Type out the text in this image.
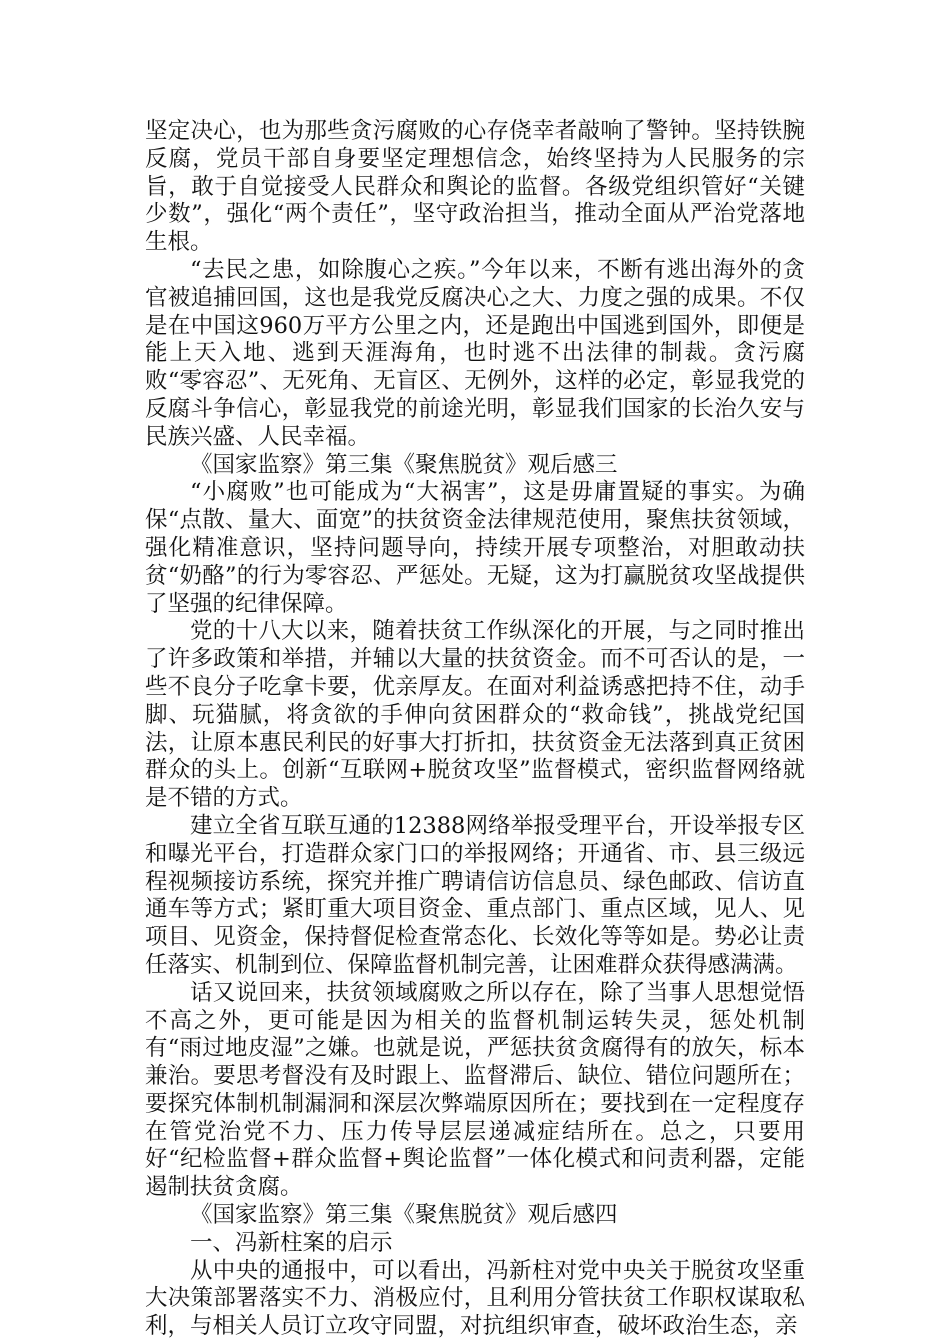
坚定决心，也为那些贪污腐败的心存侥幸者敲响了警钟。坚持铁腕反腐，党员干部自身要坚定理想信念，始终坚持为人民服务的宗旨，敢于自觉接受人民群众和舆论的监督。各级党组织管好“关键少数”，强化“两个责任”，坚守政治担当，推动全面从严治党落地生根。

“去民之患，如除腹心之疾。”今年以来，不断有逃出海外的贪官被追捕回国，这也是我党反腐决心之大、力度之强的成果。不仅是在中国这960万平方公里之内，还是跑出中国逃到国外，即便是能上天入地、逃到天涯海角，也时逃不出法律的制裁。贪污腐败“零容忍”、无死角、无盲区、无例外，这样的必定，彰显我党的反腐斗争信心，彰显我党的前途光明，彰显我们国家的长治久安与民族兴盛、人民幸福。

《国家监察》第三集《聚焦脱贫》观后感三

“小腐败”也可能成为“大祸害”，这是毋庸置疑的事实。为确保“点散、量大、面宽”的扶贫资金法律规范使用，聚焦扶贫领域，强化精准意识，坚持问题导向，持续开展专项整治，对胆敢动扶贫“奶酪”的行为零容忍、严惩处。无疑，这为打赢脱贫攻坚战提供了坚强的纪律保障。

党的十八大以来，随着扶贫工作纵深化的开展，与之同时推出了许多政策和举措，并辅以大量的扶贫资金。而不可否认的是，一些不良分子吃拿卡要，优亲厚友。在面对利益诱惑把持不住，动手脚、玩猫腻，将贪欲的手伸向贫困群众的“救命钱”，挑战党纪国法，让原本惠民利民的好事大打折扣，扶贫资金无法落到真正贫困群众的头上。创新“互联网+脱贫攻坚”监督模式，密织监督网络就是不错的方式。

建立全省互联互通的12388网络举报受理平台，开设举报专区和曝光平台，打造群众家门口的举报网络；开通省、市、县三级远程视频接访系统，探究并推广聘请信访信息员、绿色邮政、信访直通车等方式；紧盯重大项目资金、重点部门、重点区域，见人、见项目、见资金，保持督促检查常态化、长效化等等如是。势必让责任落实、机制到位、保障监督机制完善，让困难群众获得感满满。

话又说回来，扶贫领域腐败之所以存在，除了当事人思想觉悟不高之外，更可能是因为相关的监督机制运转失灵，惩处机制有“雨过地皮湿”之嫌。也就是说，严惩扶贫贪腐得有的放矢，标本兼治。要思考督没有及时跟上、监督滞后、缺位、错位问题所在；要探究体制机制漏洞和深层次弊端原因所在；要找到在一定程度存在管党治党不力、压力传导层层递减症结所在。总之，只要用好“纪检监督+群众监督+舆论监督”一体化模式和问责利器，定能遏制扶贫贪腐。

《国家监察》第三集《聚焦脱贫》观后感四

一、冯新柱案的启示

从中央的通报中，可以看出，冯新柱对党中央关于脱贫攻坚重大决策部署落实不力、消极应付，且利用分管扶贫工作职权谋取私利，与相关人员订立攻守同盟，对抗组织审查，破坏政治生态，亲
